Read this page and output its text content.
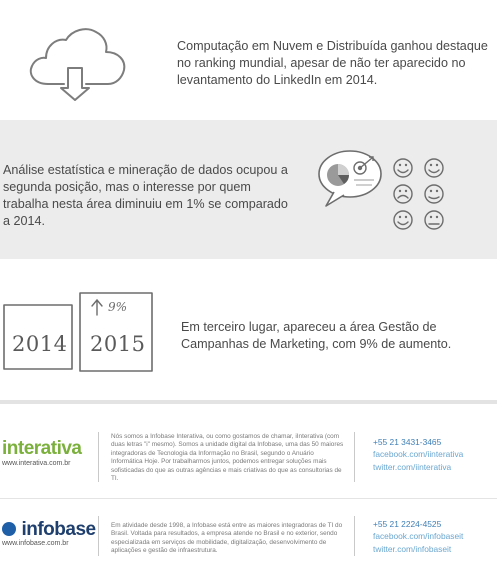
Computação em Nuvem e Distribuída ganhou destaque no ranking mundial, apesar de não ter aparecido no levantamento do LinkedIn em 2014.
Análise estatística e mineração de dados ocupou a segunda posição, mas o interesse por quem trabalha nesta área diminuiu em 1% se comparado a 2014.
9%
2014 2015
Em terceiro lugar, apareceu a área Gestão de Campanhas de Marketing, com 9% de aumento.
interativa
www.interativa.com.br
Nós somos a Infobase Interativa, ou como gostamos de chamar, iInterativa (com duas letras "i" mesmo). Somos a unidade digital da Infobase, uma das 50 maiores integradoras de Tecnologia da Informação no Brasil, segundo o Anuário Informática Hoje. Por trabalharmos juntos, podemos entregar soluções mais sofisticadas do que as outras agências e mais criativas do que as consultorias de TI.
+55 21 3431-3465
facebook.com/iinterativa
twitter.com/iinterativa
infobase
www.infobase.com.br
Em atividade desde 1998, a Infobase está entre as maiores integradoras de TI do Brasil. Voltada para resultados, a empresa atende no Brasil e no exterior, sendo especializada em serviços de mobilidade, digitalização, desenvolvimento de aplicações e gestão de infraestrutura.
+55 21 2224-4525
facebook.com/infobaseit
twitter.com/infobaseit
